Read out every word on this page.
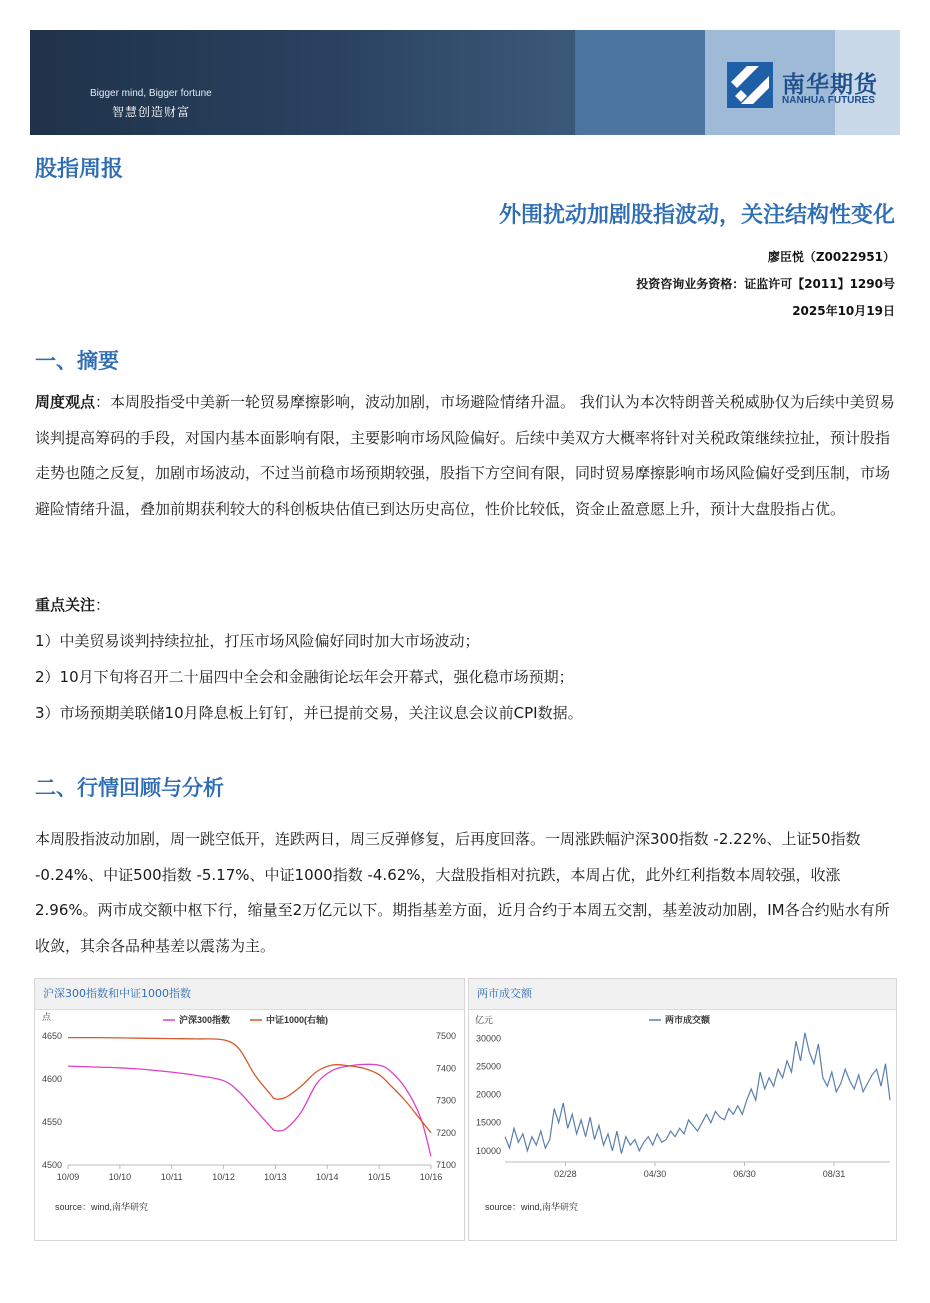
Bigger mind, Bigger fortune
智慧创造财富
南华期货
NANHUA FUTURES
股指周报
外围扰动加剧股指波动，关注结构性变化
廖臣悦（Z0022951）
投资咨询业务资格：证监许可【2011】1290号
2025年10月19日
一、摘要
周度观点：本周股指受中美新一轮贸易摩擦影响，波动加剧，市场避险情绪升温。 我们认为本次特朗普关税威胁仅为后续中美贸易谈判提高筹码的手段，对国内基本面影响有限，主要影响市场风险偏好。后续中美双方大概率将针对关税政策继续拉扯，预计股指走势也随之反复，加剧市场波动，不过当前稳市场预期较强，股指下方空间有限，同时贸易摩擦影响市场风险偏好受到压制，市场避险情绪升温，叠加前期获利较大的科创板块估值已到达历史高位，性价比较低，资金止盈意愿上升，预计大盘股指占优。
重点关注：
1）中美贸易谈判持续拉扯，打压市场风险偏好同时加大市场波动；
2）10月下旬将召开二十届四中全会和金融街论坛年会开幕式，强化稳市场预期；
3）市场预期美联储10月降息板上钉钉，并已提前交易，关注议息会议前CPI数据。
二、行情回顾与分析
本周股指波动加剧，周一跳空低开，连跌两日，周三反弹修复，后再度回落。一周涨跌幅沪深300指数 -2.22%、上证50指数 -0.24%、中证500指数 -5.17%、中证1000指数 -4.62%，大盘股指相对抗跌，本周占优，此外红利指数本周较强，收涨2.96%。两市成交额中枢下行，缩量至2万亿元以下。期指基差方面，近月合约于本周五交割，基差波动加剧，IM各合约贴水有所收敛，其余各品种基差以震荡为主。
沪深300指数和中证1000指数
点
4500
4550
4600
4650
7100
7200
7300
7400
7500
10/09	10/10	10/11	10/12	10/13	10/14	10/15	10/16
沪深300指数	中证1000(右轴)
source：wind,南华研究
两市成交额
亿元
10000
15000
20000
25000
30000
02/28	04/30	06/30	08/31
两市成交额
source：wind,南华研究
